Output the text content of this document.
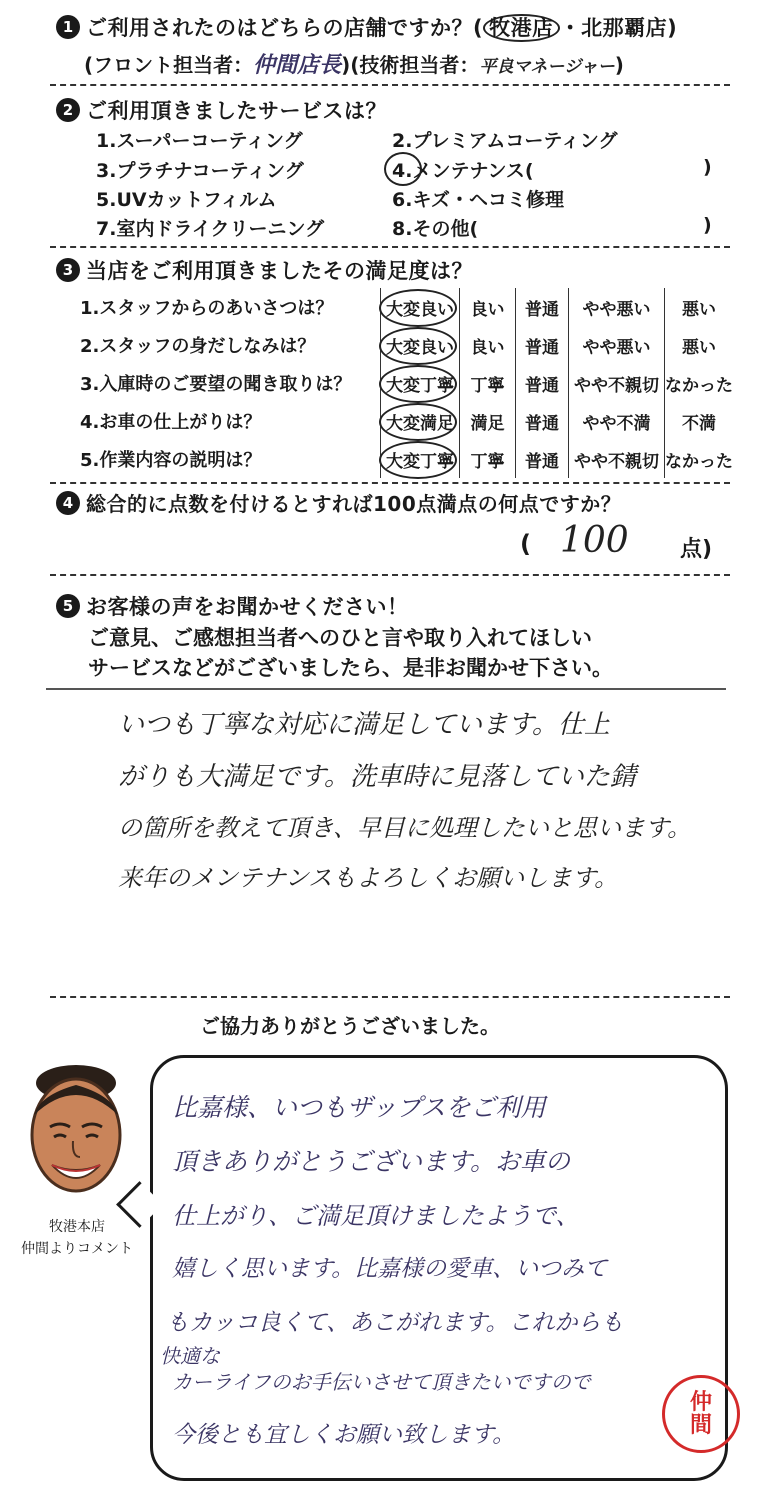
1 ご利用されたのはどちらの店舗ですか？( 牧港店 ・北那覇店)
(フロント担当者：仲間店長)(技術担当者：平良マネージャー)
2 ご利用頂きましたサービスは？
1.スーパーコーティング	2.プレミアムコーティング
3.プラチナコーティング	4.メンテナンス(	)
5.UVカットフィルム	6.キズ・ヘコミ修理
7.室内ドライクリーニング	8.その他(	)
3 当店をご利用頂きましたその満足度は？
1.スタッフからのあいさつは？	大変良い	良い	普通	やや悪い	悪い
2.スタッフの身だしなみは？	大変良い	良い	普通	やや悪い	悪い
3.入庫時のご要望の聞き取りは？	大変丁寧	丁寧	普通	やや不親切	なかった
4.お車の仕上がりは？	大変満足	満足	普通	やや不満	不満
5.作業内容の説明は？	大変丁寧	丁寧	普通	やや不親切	なかった
4 総合的に点数を付けるとすれば100点満点の何点ですか？
( 100 点)
5 お客様の声をお聞かせください！
ご意見、ご感想担当者へのひと言や取り入れてほしい
サービスなどがございましたら、是非お聞かせ下さい。
いつも丁寧な対応に満足しています。仕上
がりも大満足です。洗車時に見落していた錆
の箇所を教えて頂き、早目に処理したいと思います。
来年のメンテナンスもよろしくお願いします。
ご協力ありがとうございました。
牧港本店
仲間よりコメント
比嘉様、いつもザップスをご利用
頂きありがとうございます。お車の
仕上がり、ご満足頂けましたようで、
嬉しく思います。比嘉様の愛車、いつみて
もカッコ良くて、あこがれます。これからも
快適な
カーライフのお手伝いさせて頂きたいですので
今後とも宜しくお願い致します。
仲
間
